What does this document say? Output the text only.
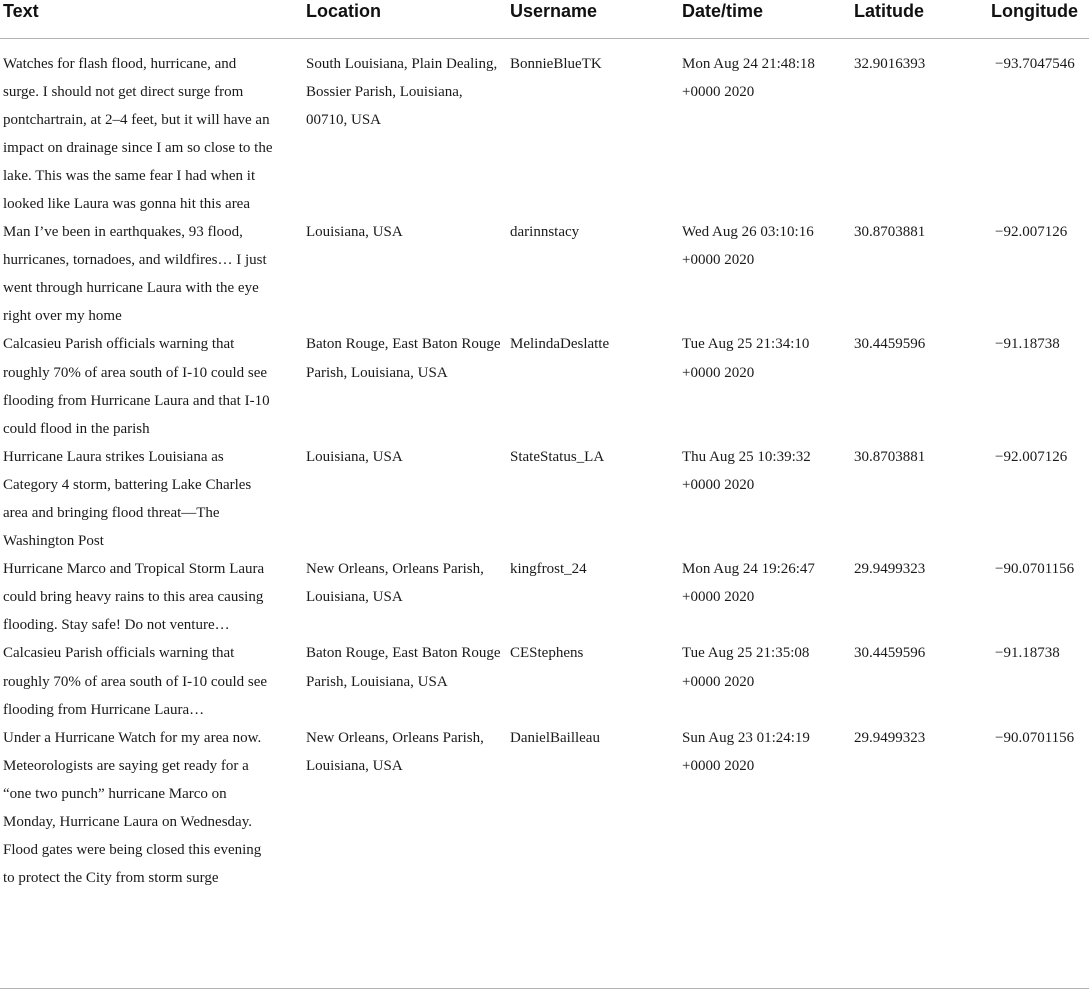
Text	Location	Username	Date/time	Latitude	Longitude
Watches for flash flood, hurricane, and surge. I should not get direct surge from pontchartrain, at 2–4 feet, but it will have an impact on drainage since I am so close to the lake. This was the same fear I had when it looked like Laura was gonna hit this area	South Louisiana, Plain Dealing, Bossier Parish, Louisiana, 00710, USA	BonnieBlueTK	Mon Aug 24 21:48:18 +0000 2020	32.9016393	−93.7047546
Man I’ve been in earthquakes, 93 flood, hurricanes, tornadoes, and wildfires… I just went through hurricane Laura with the eye right over my home	Louisiana, USA	darinnstacy	Wed Aug 26 03:10:16 +0000 2020	30.8703881	−92.007126
Calcasieu Parish officials warning that roughly 70% of area south of I-10 could see flooding from Hurricane Laura and that I-10 could flood in the parish	Baton Rouge, East Baton Rouge Parish, Louisiana, USA	MelindaDeslatte	Tue Aug 25 21:34:10 +0000 2020	30.4459596	−91.18738
Hurricane Laura strikes Louisiana as Category 4 storm, battering Lake Charles area and bringing flood threat—The Washington Post	Louisiana, USA	StateStatus_LA	Thu Aug 25 10:39:32 +0000 2020	30.8703881	−92.007126
Hurricane Marco and Tropical Storm Laura could bring heavy rains to this area causing flooding. Stay safe! Do not venture…	New Orleans, Orleans Parish, Louisiana, USA	kingfrost_24	Mon Aug 24 19:26:47 +0000 2020	29.9499323	−90.0701156
Calcasieu Parish officials warning that roughly 70% of area south of I-10 could see flooding from Hurricane Laura…	Baton Rouge, East Baton Rouge Parish, Louisiana, USA	CEStephens	Tue Aug 25 21:35:08 +0000 2020	30.4459596	−91.18738
Under a Hurricane Watch for my area now. Meteorologists are saying get ready for a “one two punch” hurricane Marco on Monday, Hurricane Laura on Wednesday. Flood gates were being closed this evening to protect the City from storm surge	New Orleans, Orleans Parish, Louisiana, USA	DanielBailleau	Sun Aug 23 01:24:19 +0000 2020	29.9499323	−90.0701156
